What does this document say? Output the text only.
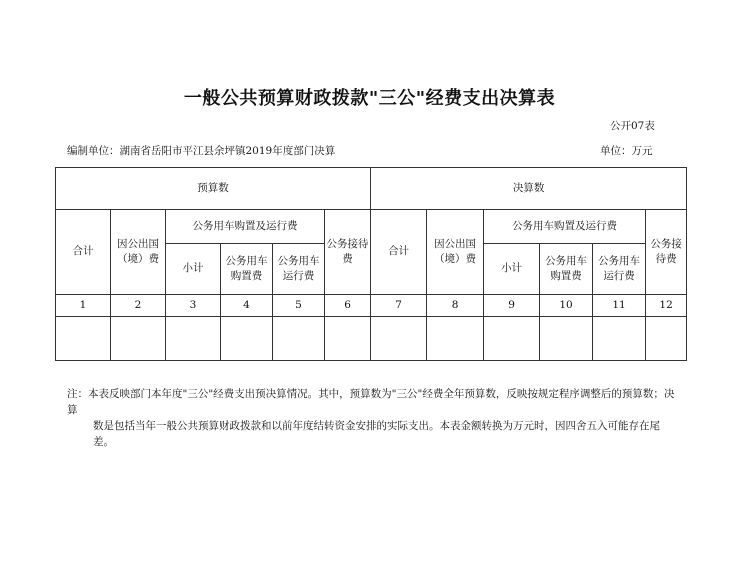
一般公共预算财政拨款"三公"经费支出决算表
公开07表
编制单位：湖南省岳阳市平江县余坪镇2019年度部门决算	单位：万元
预算数						决算数					
合计	因公出国（境）费	公务用车购置及运行费			公务接待费	合计	因公出国（境）费	公务用车购置及运行费			公务接待费
		小计	公务用车购置费	公务用车运行费				小计	公务用车购置费	公务用车运行费	
1	2	3	4	5	6	7	8	9	10	11	12

注：本表反映部门本年度"三公"经费支出预决算情况。其中，预算数为"三公"经费全年预算数，反映按规定程序调整后的预算数；决算
数是包括当年一般公共预算财政拨款和以前年度结转资金安排的实际支出。本表金额转换为万元时，因四舍五入可能存在尾差。
